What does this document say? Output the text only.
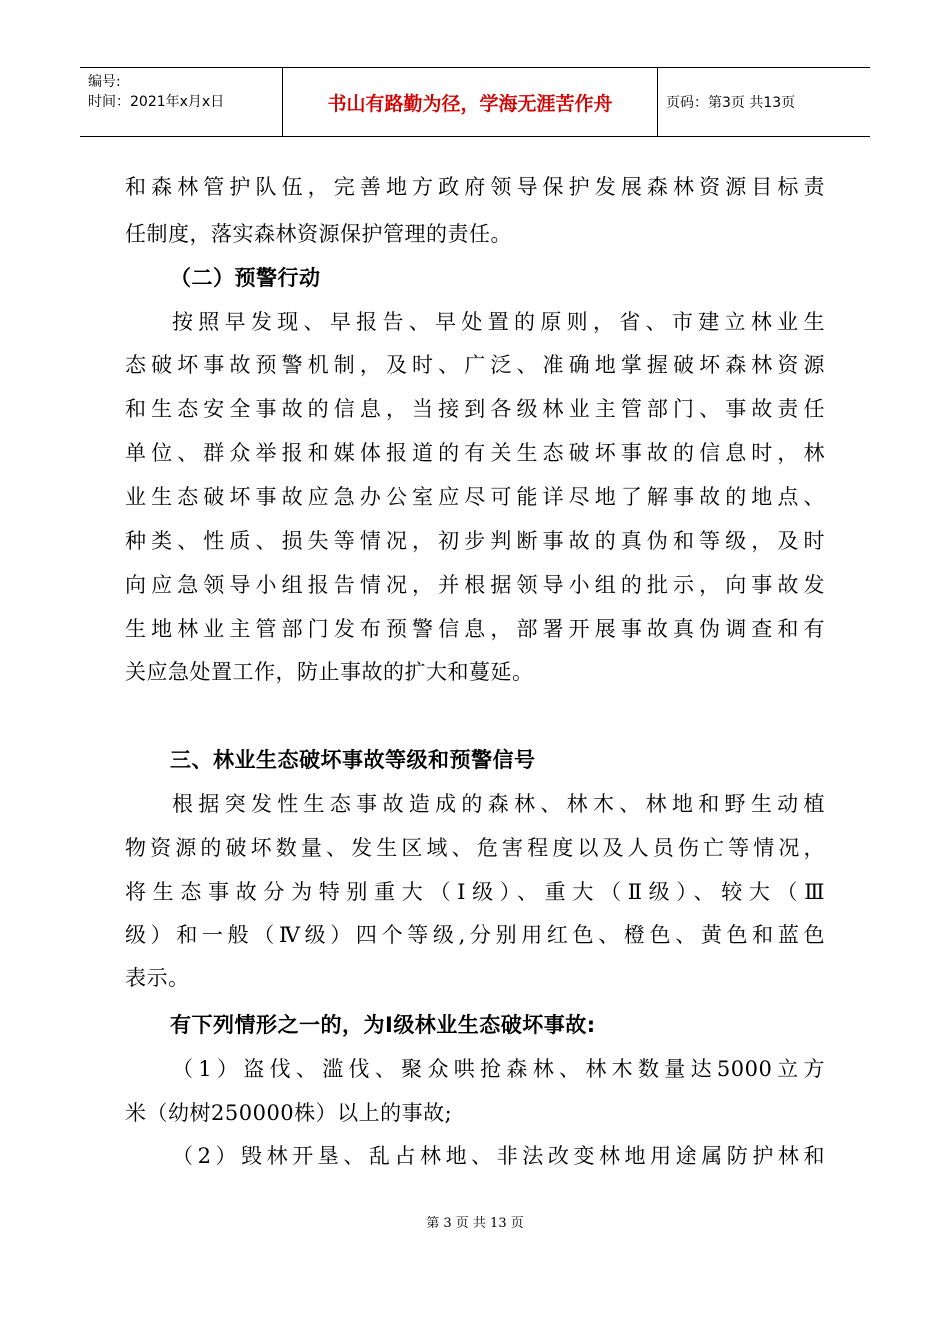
编号:
时间：2021年x月x日	书山有路勤为径，学海无涯苦作舟	页码：第3页 共13页
和森林管护队伍，完善地方政府领导保护发展森林资源目标责
任制度，落实森林资源保护管理的责任。
（二）预警行动
按照早发现、早报告、早处置的原则，省、市建立林业生
态破坏事故预警机制，及时、广泛、准确地掌握破坏森林资源
和生态安全事故的信息，当接到各级林业主管部门、事故责任
单位、群众举报和媒体报道的有关生态破坏事故的信息时，林
业生态破坏事故应急办公室应尽可能详尽地了解事故的地点、
种类、性质、损失等情况，初步判断事故的真伪和等级，及时
向应急领导小组报告情况，并根据领导小组的批示，向事故发
生地林业主管部门发布预警信息，部署开展事故真伪调查和有
关应急处置工作，防止事故的扩大和蔓延。
三、林业生态破坏事故等级和预警信号
根据突发性生态事故造成的森林、林木、林地和野生动植
物资源的破坏数量、发生区域、危害程度以及人员伤亡等情况，
将生态事故分为特别重大（Ⅰ级）、重大（Ⅱ级）、较大（Ⅲ
级）和一般（Ⅳ级）四个等级,分别用红色、橙色、黄色和蓝色
表示。
有下列情形之一的，为Ⅰ级林业生态破坏事故:
（1）盗伐、滥伐、聚众哄抢森林、林木数量达5000立方
米（幼树250000株）以上的事故;
（2）毁林开垦、乱占林地、非法改变林地用途属防护林和
第 3 页 共 13 页
